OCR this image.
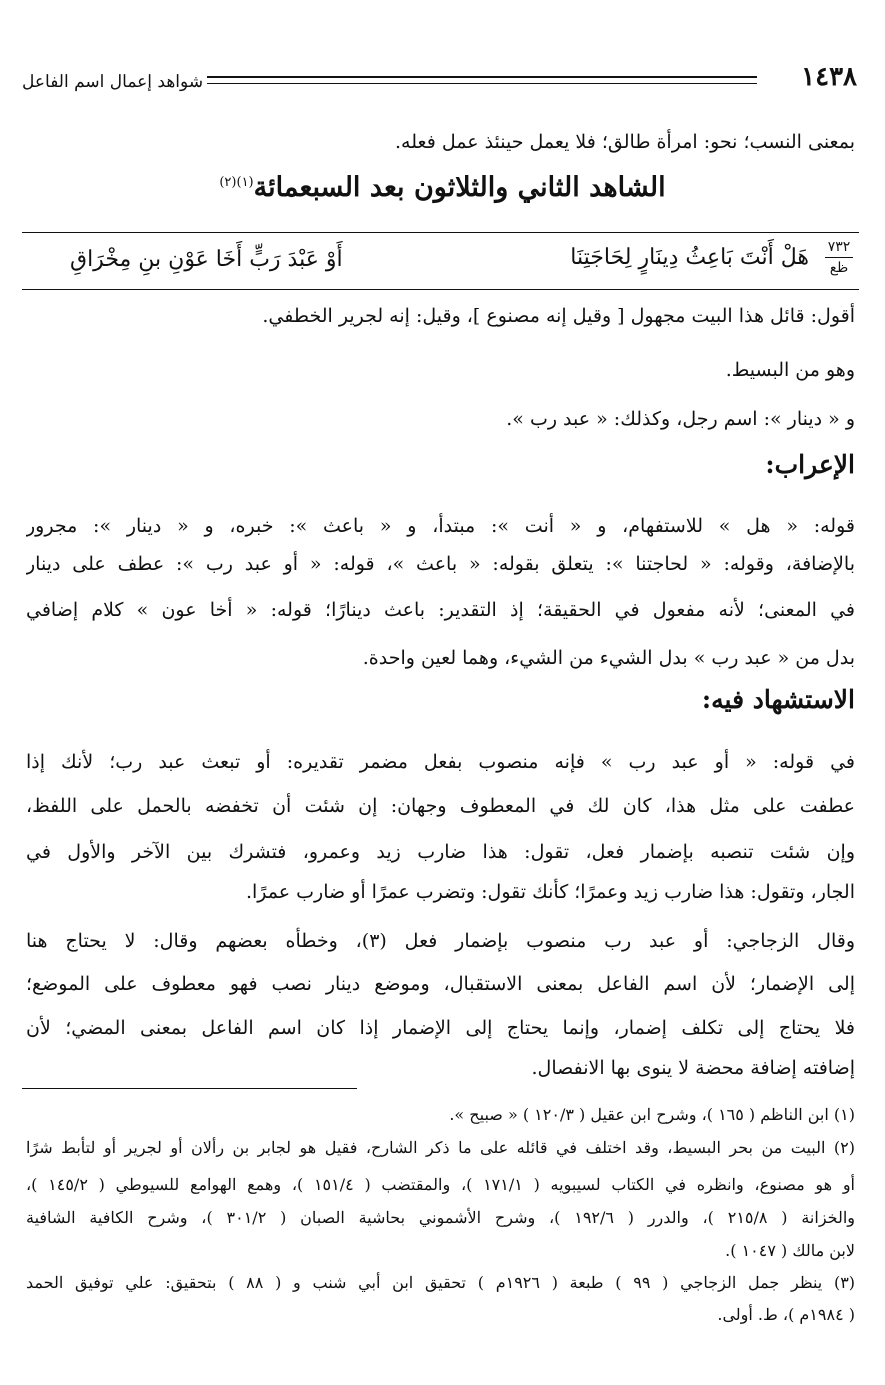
١٤٣٨
شواهد إعمال اسم الفاعل
بمعنى النسب؛ نحو: امرأة طالق؛ فلا يعمل حينئذ عمل فعله.
الشاهد الثاني والثلاثون بعد السبعمائة$^{(١)(٢)}$
٧٣٢
ظع
هَلْ أَنْتَ بَاعِثُ دِينَارٍ لِحَاجَتِنَا
أَوْ عَبْدَ رَبٍّ أَخَا عَوْنِ بنِ مِخْرَاقِ
أقول: قائل هذا البيت مجهول [ وقيل إنه مصنوع ]، وقيل: إنه لجرير الخطفي.
وهو من البسيط.
و « دينار »: اسم رجل، وكذلك: « عبد رب ».
الإعراب:
قوله: « هل » للاستفهام، و « أنت »: مبتدأ، و « باعث »: خبره، و « دينار »: مجرور
بالإضافة، وقوله: « لحاجتنا »: يتعلق بقوله: « باعث »، قوله: « أو عبد رب »: عطف على دينار
في المعنى؛ لأنه مفعول في الحقيقة؛ إذ التقدير: باعث دينارًا؛ قوله: « أخا عون » كلام إضافي
بدل من « عبد رب » بدل الشيء من الشيء، وهما لعين واحدة.
الاستشهاد فيه:
في قوله: « أو عبد رب » فإنه منصوب بفعل مضمر تقديره: أو تبعث عبد رب؛ لأنك إذا
عطفت على مثل هذا، كان لك في المعطوف وجهان: إن شئت أن تخفضه بالحمل على اللفظ،
وإن شئت تنصبه بإضمار فعل، تقول: هذا ضارب زيد وعمرو، فتشرك بين الآخر والأول في
الجار، وتقول: هذا ضارب زيد وعمرًا؛ كأنك تقول: وتضرب عمرًا أو ضارب عمرًا.
وقال الزجاجي: أو عبد رب منصوب بإضمار فعل (٣)، وخطأه بعضهم وقال: لا يحتاج هنا
إلى الإضمار؛ لأن اسم الفاعل بمعنى الاستقبال، وموضع دينار نصب فهو معطوف على الموضع؛
فلا يحتاج إلى تكلف إضمار، وإنما يحتاج إلى الإضمار إذا كان اسم الفاعل بمعنى المضي؛ لأن
إضافته إضافة محضة لا ينوى بها الانفصال.
(١) ابن الناظم ( ١٦٥ )، وشرح ابن عقيل ( ١٢٠/٣ ) « صبيح ».
(٢) البيت من بحر البسيط، وقد اختلف في قائله على ما ذكر الشارح، فقيل هو لجابر بن رألان أو لجرير أو لتأبط شرًا
أو هو مصنوع، وانظره في الكتاب لسيبويه ( ١٧١/١ )، والمقتضب ( ١٥١/٤ )، وهمع الهوامع للسيوطي ( ١٤٥/٢ )،
والخزانة ( ٢١٥/٨ )، والدرر ( ١٩٢/٦ )، وشرح الأشموني بحاشية الصبان ( ٣٠١/٢ )، وشرح الكافية الشافية
لابن مالك ( ١٠٤٧ ).
(٣) ينظر جمل الزجاجي ( ٩٩ ) طبعة ( ١٩٢٦م ) تحقيق ابن أبي شنب و ( ٨٨ ) بتحقيق: علي توفيق الحمد
( ١٩٨٤م )، ط. أولى.
